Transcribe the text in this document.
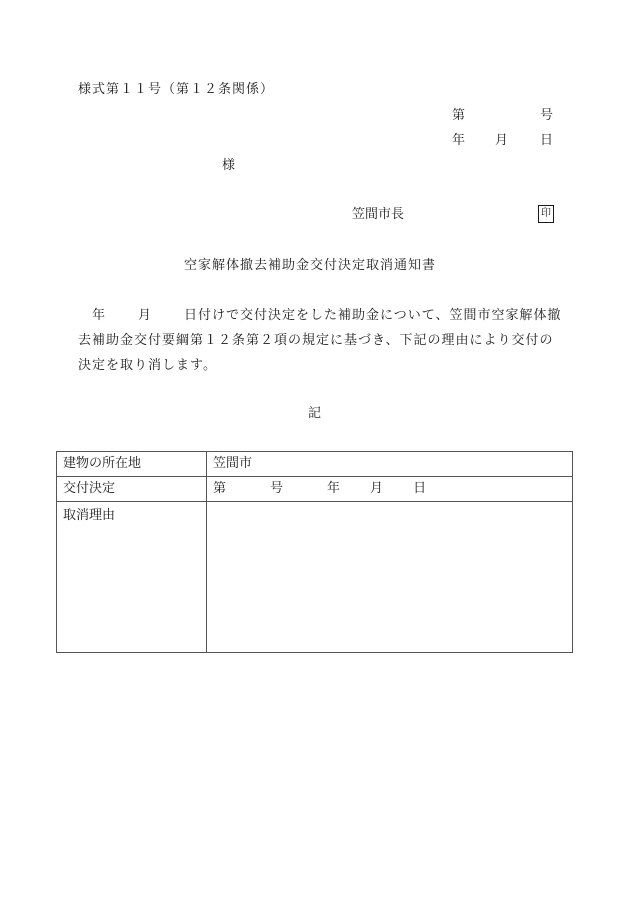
様式第１１号（第１２条関係）
第	号
年 月 日
様
笠間市長	印
空家解体撤去補助金交付決定取消通知書
年 月 日付けで交付決定をした補助金について、笠間市空家解体撤
去補助金交付要綱第１２条第２項の規定に基づき、下記の理由により交付の
決定を取り消します。
記
建物の所在地	笠間市
交付決定	第 号 年 月 日
取消理由	
